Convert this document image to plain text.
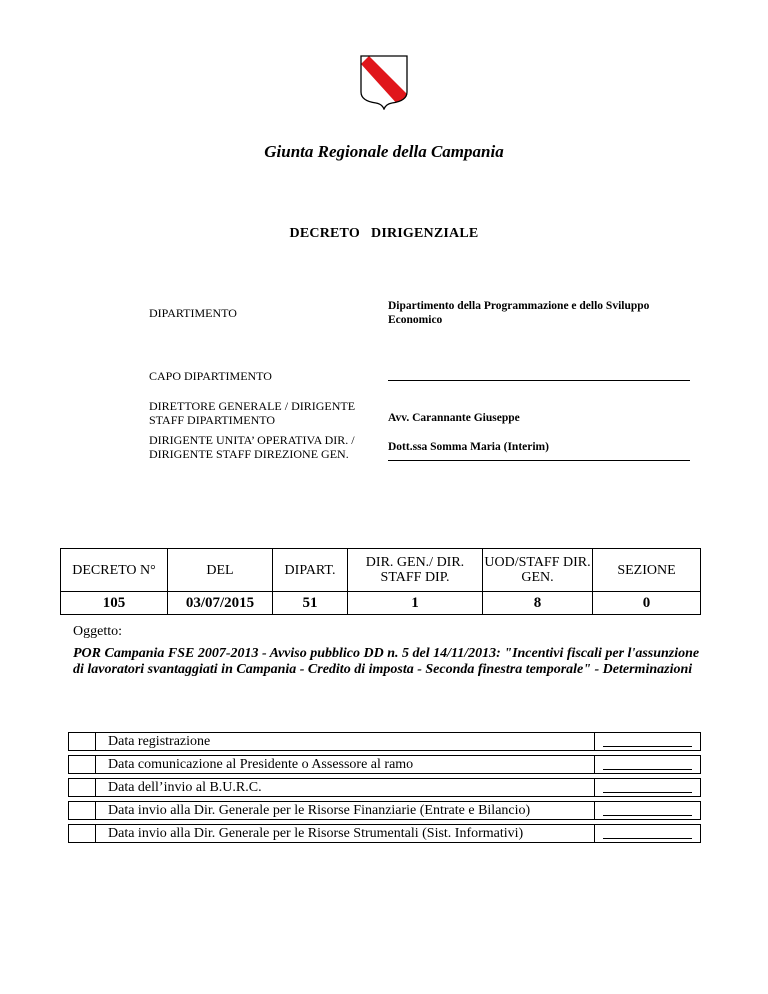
Giunta Regionale della Campania
DECRETO   DIRIGENZIALE
DIPARTIMENTO	Dipartimento della Programmazione e dello Sviluppo Economico
CAPO DIPARTIMENTO
DIRETTORE GENERALE / DIRIGENTE STAFF DIPARTIMENTO	Avv. Carannante Giuseppe
DIRIGENTE UNITA’ OPERATIVA DIR. / DIRIGENTE STAFF DIREZIONE GEN.	Dott.ssa Somma Maria (Interim)
DECRETO N°	DEL	DIPART.	DIR. GEN./ DIR. STAFF DIP.	UOD/STAFF DIR. GEN.	SEZIONE
105	03/07/2015	51	1	8	0
Oggetto:
POR Campania FSE 2007-2013 - Avviso pubblico DD n. 5 del 14/11/2013: "Incentivi fiscali per l'assunzione di lavoratori svantaggiati in Campania - Credito di imposta - Seconda finestra temporale" - Determinazioni
	Data registrazione	

	Data comunicazione al Presidente o Assessore al ramo	

	Data dell’invio al B.U.R.C.	

	Data invio alla Dir. Generale per le Risorse Finanziarie (Entrate e Bilancio)	

	Data invio alla Dir. Generale per le Risorse Strumentali (Sist. Informativi)	
